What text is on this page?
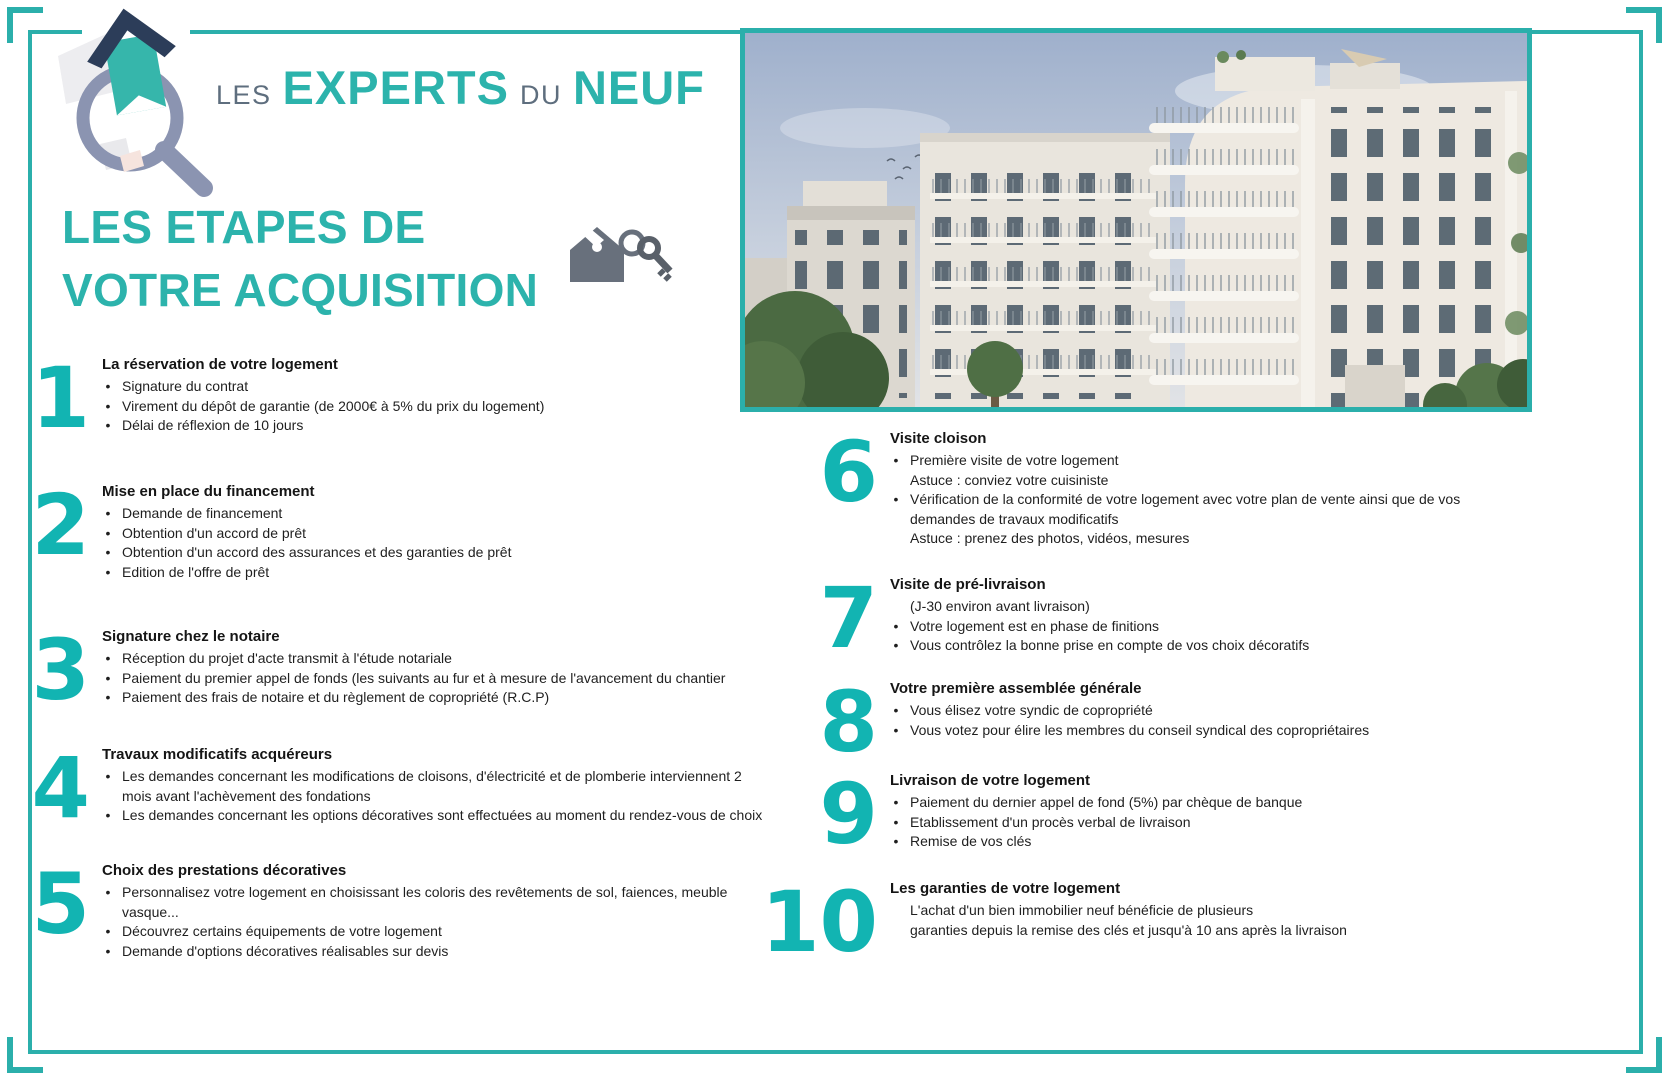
LES EXPERTS DU NEUF
LES ETAPES DE
VOTRE ACQUISITION
1 La réservation de votre logement
• Signature du contrat
• Virement du dépôt de garantie (de 2000€ à 5% du prix du logement)
• Délai de réflexion de 10 jours
2 Mise en place du financement
• Demande de financement
• Obtention d'un accord de prêt
• Obtention d'un accord des assurances et des garanties de prêt
• Edition de l'offre de prêt
3 Signature chez le notaire
• Réception du projet d'acte transmit à l'étude notariale
• Paiement du premier appel de fonds (les suivants au fur et à mesure de l'avancement du chantier
• Paiement des frais de notaire et du règlement de copropriété (R.C.P)
4 Travaux modificatifs acquéreurs
• Les demandes concernant les modifications de cloisons, d'électricité et de plomberie interviennent 2
mois avant l'achèvement des fondations
• Les demandes concernant les options décoratives sont effectuées au moment du rendez-vous de choix
5 Choix des prestations décoratives
• Personnalisez votre logement en choisissant les coloris des revêtements de sol, faiences, meuble
vasque...
• Découvrez certains équipements de votre logement
• Demande d'options décoratives réalisables sur devis
6 Visite cloison
• Première visite de votre logement
Astuce : conviez votre cuisiniste
• Vérification de la conformité de votre logement avec votre plan de vente ainsi que de vos
demandes de travaux modificatifs
Astuce : prenez des photos, vidéos, mesures
7 Visite de pré-livraison
(J-30 environ avant livraison)
• Votre logement est en phase de finitions
• Vous contrôlez la bonne prise en compte de vos choix décoratifs
8 Votre première assemblée générale
• Vous élisez votre syndic de copropriété
• Vous votez pour élire les membres du conseil syndical des copropriétaires
9 Livraison de votre logement
• Paiement du dernier appel de fond (5%) par chèque de banque
• Etablissement d'un procès verbal de livraison
• Remise de vos clés
10 Les garanties de votre logement
L'achat d'un bien immobilier neuf bénéficie de plusieurs
garanties depuis la remise des clés et jusqu'à 10 ans après la livraison
